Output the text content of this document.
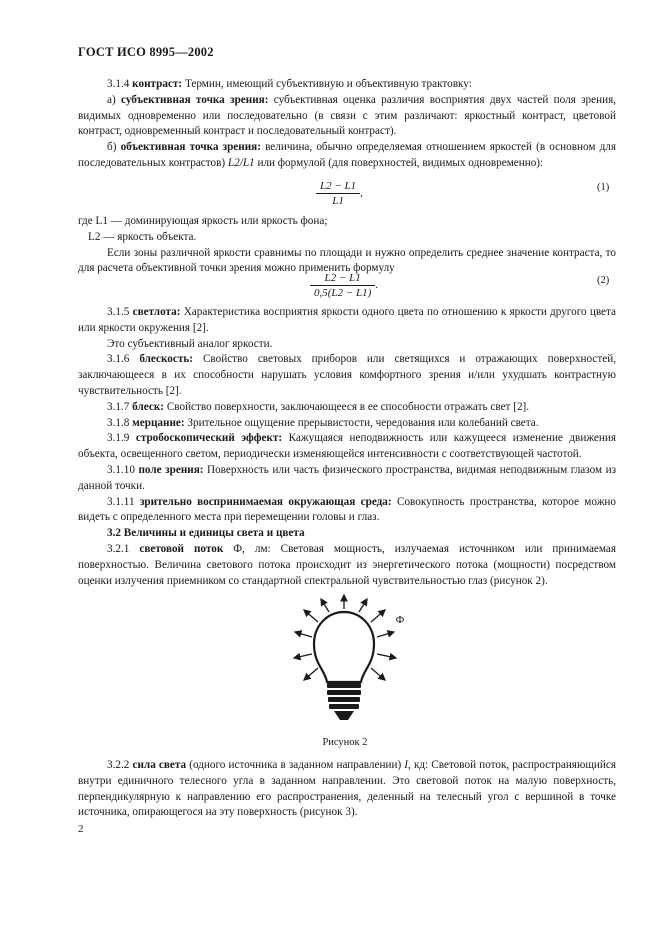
ГОСТ ИСО 8995—2002

3.1.4 контраст: Термин, имеющий субъективную и объективную трактовку:

а) субъективная точка зрения: субъективная оценка различия восприятия двух частей поля зрения, видимых одновременно или последовательно (в связи с этим различают: яркостный контраст, цветовой контраст, одновременный контраст и последовательный контраст).

б) объективная точка зрения: величина, обычно определяемая отношением яркостей (в основном для последовательных контрастов) L2/L1 или формулой (для поверхностей, видимых одновременно):

$\frac{L2 - L1}{L1}$ ,	(1)

где L1 — доминирующая яркость или яркость фона;

L2 — яркость объекта.

Если зоны различной яркости сравнимы по площади и нужно определить среднее значение контраста, то для расчета объективной точки зрения можно применить формулу

$\frac{L2 - L1}{0,5(L2 - L1)}$ .	(2)

3.1.5 светлота: Характеристика восприятия яркости одного цвета по отношению к яркости другого цвета или яркости окружения [2].

Это субъективный аналог яркости.

3.1.6 блескость: Свойство световых приборов или светящихся и отражающих поверхностей, заключающееся в их способности нарушать условия комфортного зрения и/или ухудшать контрастную чувствительность [2].

3.1.7 блеск: Свойство поверхности, заключающееся в ее способности отражать свет [2].

3.1.8 мерцание: Зрительное ощущение прерывистости, чередования или колебаний света.

3.1.9 стробоскопический эффект: Кажущаяся неподвижность или кажущееся изменение движения объекта, освещенного светом, периодически изменяющейся интенсивности с соответствующей частотой.

3.1.10 поле зрения: Поверхность или часть физического пространства, видимая неподвижным глазом из данной точки.

3.1.11 зрительно воспринимаемая окружающая среда: Совокупность пространства, которое можно видеть с определенного места при перемещении головы и глаз.

3.2 Величины и единицы света и цвета

3.2.1 световой поток Ф, лм: Световая мощность, излучаемая источником или принимаемая поверхностью. Величина светового потока происходит из энергетического потока (мощности) посредством оценки излучения приемником со стандартной спектральной чувствительностью глаз (рисунок 2).

Ф
Рисунок 2

3.2.2 сила света (одного источника в заданном направлении) I, кд: Световой поток, распространяющийся внутри единичного телесного угла в заданном направлении. Это световой поток на малую поверхность, перпендикулярную к направлению его распространения, деленный на телесный угол с вершиной в точке источника, опирающегося на эту поверхность (рисунок 3).

2
